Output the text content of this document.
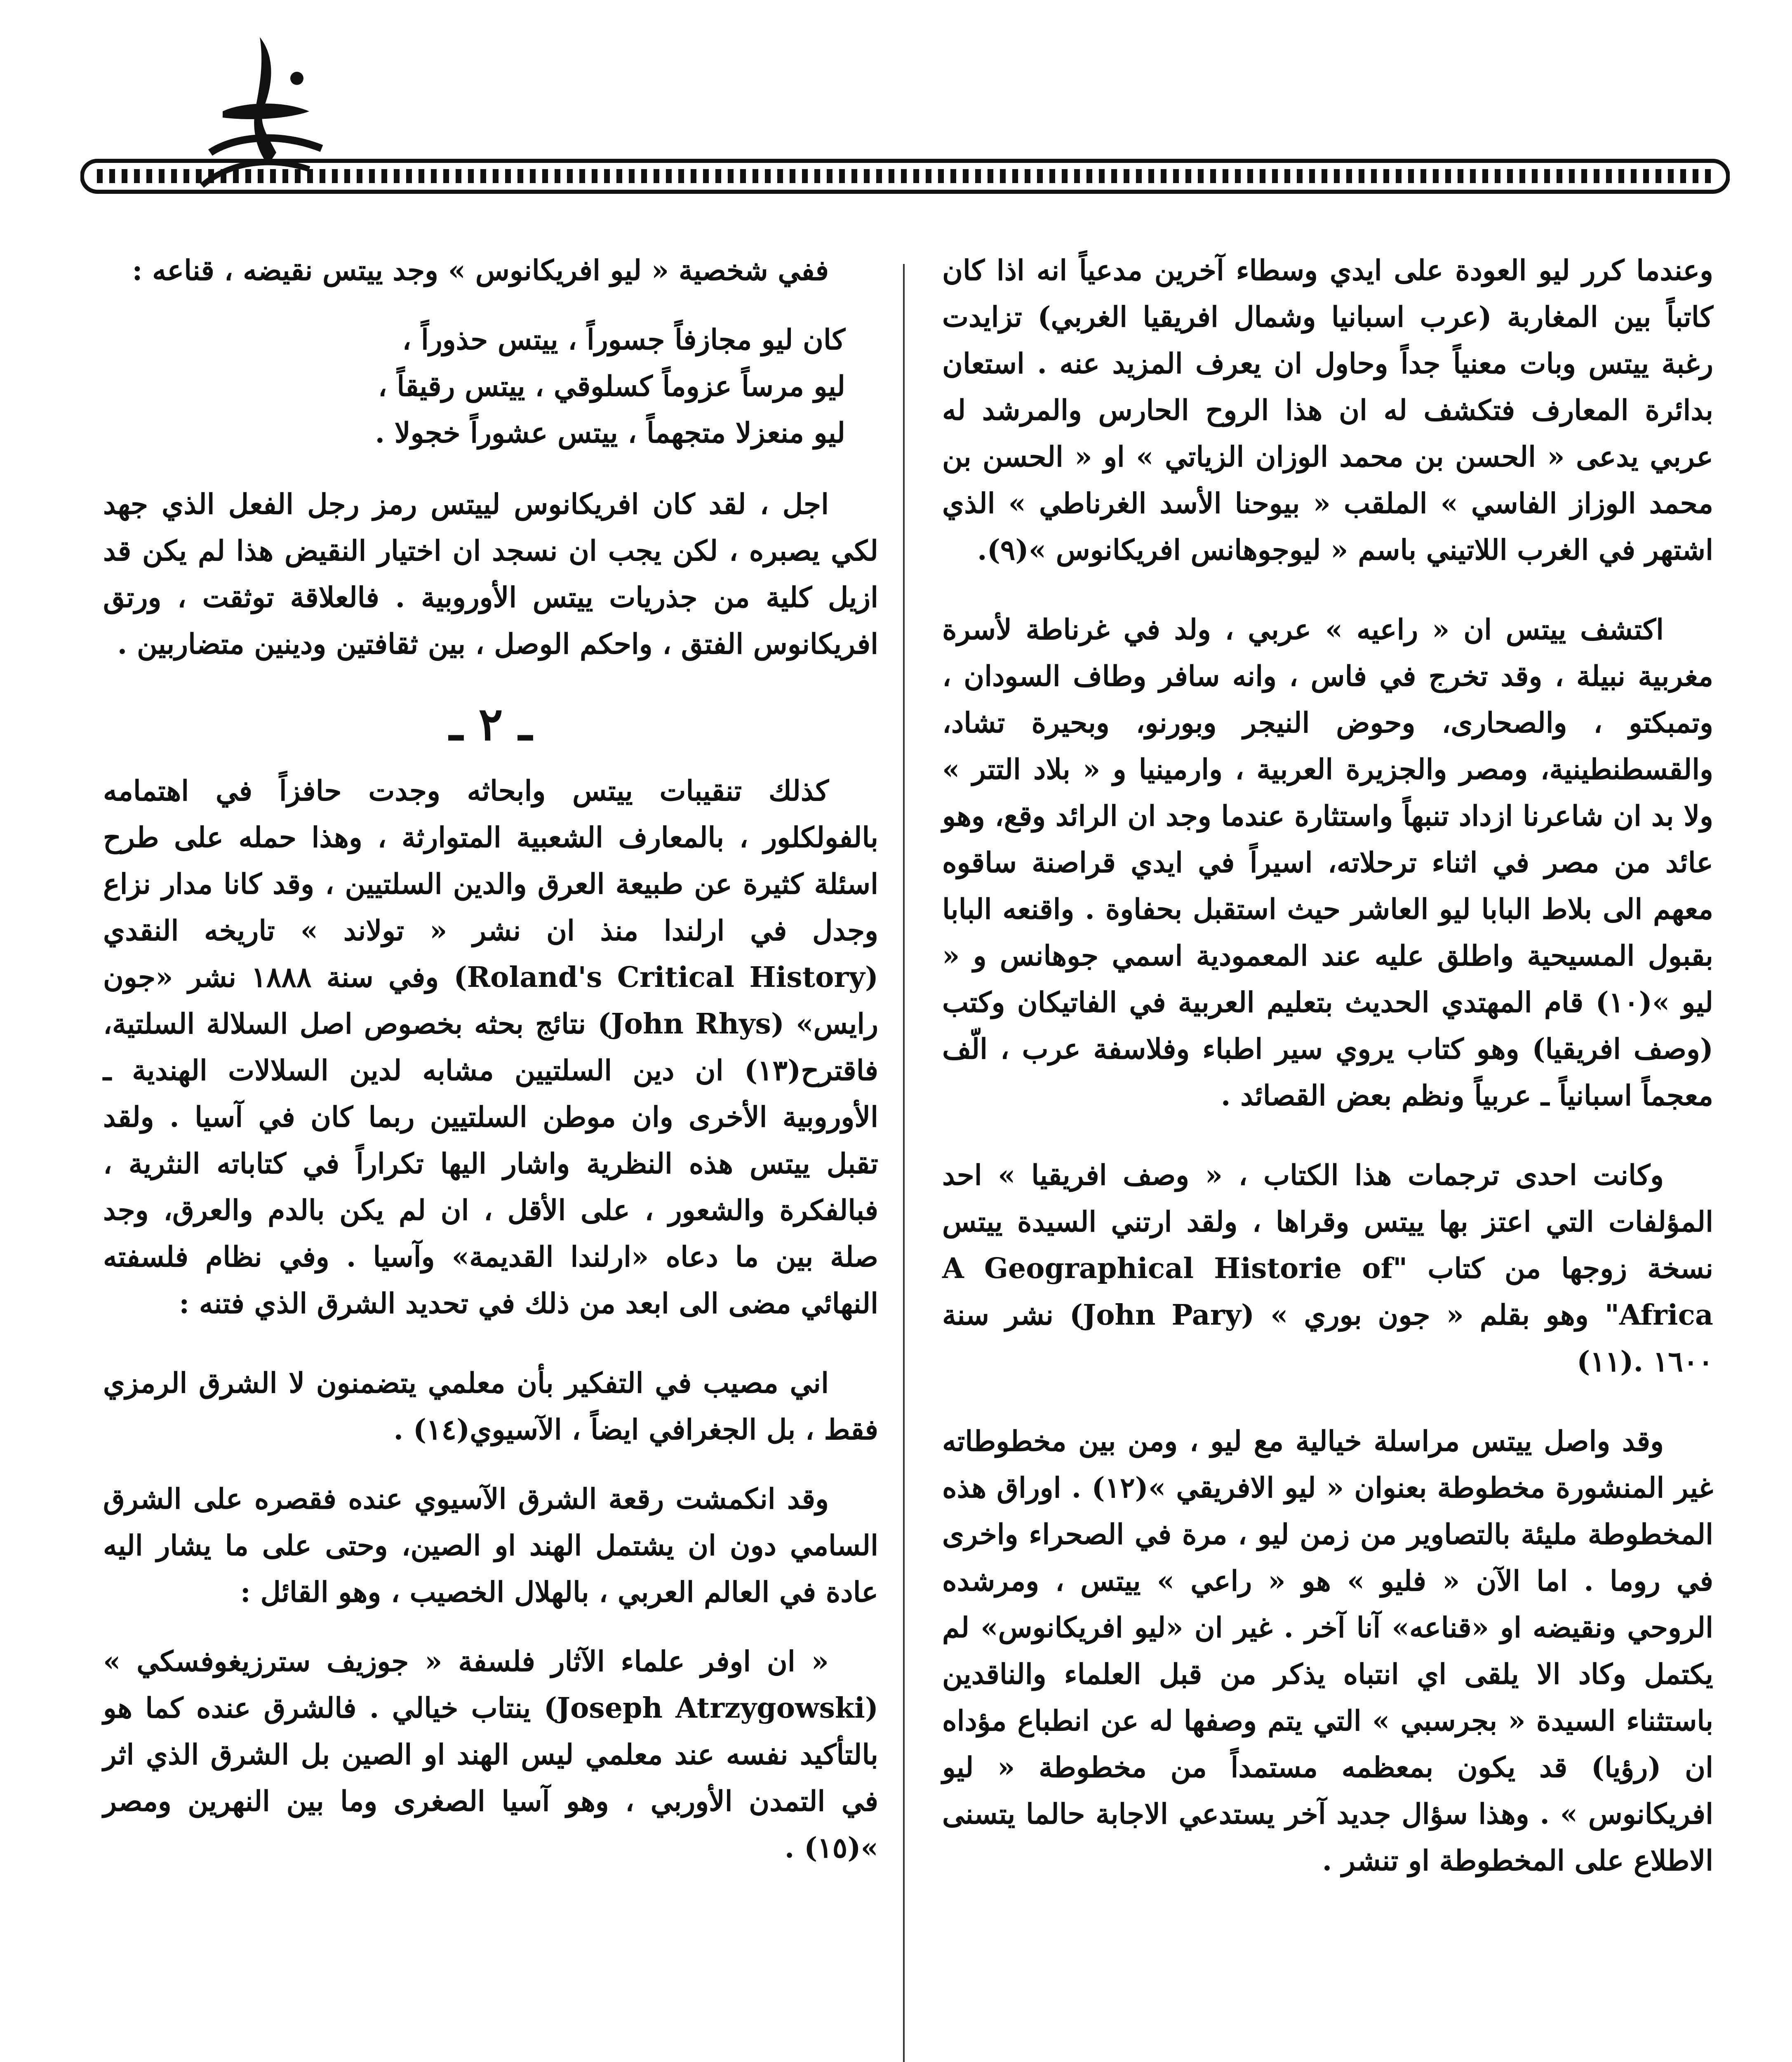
وعندما كرر ليو العودة على ايدي وسطاء آخرين مدعياً انه اذا كان كاتباً بين المغاربة (عرب اسبانيا وشمال افريقيا الغربي) تزايدت رغبة ييتس وبات معنياً جداً وحاول ان يعرف المزيد عنه . استعان بدائرة المعارف فتكشف له ان هذا الروح الحارس والمرشد له عربي يدعى « الحسن بن محمد الوزان الزياتي » او « الحسن بن محمد الوزاز الفاسي » الملقب « بيوحنا الأسد الغرناطي » الذي اشتهر في الغرب اللاتيني باسم « ليوجوهانس افريكانوس »(٩).

اكتشف ييتس ان « راعيه » عربي ، ولد في غرناطة لأسرة مغربية نبيلة ، وقد تخرج في فاس ، وانه سافر وطاف السودان ، وتمبكتو ، والصحارى، وحوض النيجر وبورنو، وبحيرة تشاد، والقسطنطينية، ومصر والجزيرة العربية ، وارمينيا و « بلاد التتر » ولا بد ان شاعرنا ازداد تنبهاً واستثارة عندما وجد ان الرائد وقع، وهو عائد من مصر في اثناء ترحلاته، اسيراً في ايدي قراصنة ساقوه معهم الى بلاط البابا ليو العاشر حيث استقبل بحفاوة . واقنعه البابا بقبول المسيحية واطلق عليه عند المعمودية اسمي جوهانس و « ليو »(١٠) قام المهتدي الحديث بتعليم العربية في الفاتيكان وكتب (وصف افريقيا) وهو كتاب يروي سير اطباء وفلاسفة عرب ، الّف معجماً اسبانياً ـ عربياً ونظم بعض القصائد .

وكانت احدى ترجمات هذا الكتاب ، « وصف افريقيا » احد المؤلفات التي اعتز بها ييتس وقراها ، ولقد ارتني السيدة ييتس نسخة زوجها من كتاب "A Geographical Historie of Africa" وهو بقلم « جون بوري » (John Pary) نشر سنة ١٦٠٠ .(١١)

وقد واصل ييتس مراسلة خيالية مع ليو ، ومن بين مخطوطاته غير المنشورة مخطوطة بعنوان « ليو الافريقي »(١٢) . اوراق هذه المخطوطة مليئة بالتصاوير من زمن ليو ، مرة في الصحراء واخرى في روما . اما الآن « فليو » هو « راعي » ييتس ، ومرشده الروحي ونقيضه او «قناعه» آنا آخر . غير ان «ليو افريكانوس» لم يكتمل وكاد الا يلقى اي انتباه يذكر من قبل العلماء والناقدين باستثناء السيدة « بجرسبي » التي يتم وصفها له عن انطباع مؤداه ان (رؤيا) قد يكون بمعظمه مستمداً من مخطوطة « ليو افريكانوس » . وهذا سؤال جديد آخر يستدعي الاجابة حالما يتسنى الاطلاع على المخطوطة او تنشر .

ففي شخصية « ليو افريكانوس » وجد ييتس نقيضه ، قناعه :

كان ليو مجازفاً جسوراً ، ييتس حذوراً ،
ليو مرساً عزوماً كسلوقي ، ييتس رقيقاً ،
ليو منعزلا متجهماً ، ييتس عشوراً خجولا .

اجل ، لقد كان افريكانوس لييتس رمز رجل الفعل الذي جهد لكي يصبره ، لكن يجب ان نسجد ان اختيار النقيض هذا لم يكن قد ازيل كلية من جذريات ييتس الأوروبية . فالعلاقة توثقت ، ورتق افريكانوس الفتق ، واحكم الوصل ، بين ثقافتين ودينين متضاربين .

ـ ٢ ـ

كذلك تنقيبات ييتس وابحاثه وجدت حافزاً في اهتمامه بالفولكلور ، بالمعارف الشعبية المتوارثة ، وهذا حمله على طرح اسئلة كثيرة عن طبيعة العرق والدين السلتيين ، وقد كانا مدار نزاع وجدل في ارلندا منذ ان نشر « تولاند » تاريخه النقدي (Roland's Critical History) وفي سنة ١٨٨٨ نشر «جون رايس» (John Rhys) نتائج بحثه بخصوص اصل السلالة السلتية، فاقترح(١٣) ان دين السلتيين مشابه لدين السلالات الهندية ـ الأوروبية الأخرى وان موطن السلتيين ربما كان في آسيا . ولقد تقبل ييتس هذه النظرية واشار اليها تكراراً في كتاباته النثرية ، فبالفكرة والشعور ، على الأقل ، ان لم يكن بالدم والعرق، وجد صلة بين ما دعاه «ارلندا القديمة» وآسيا . وفي نظام فلسفته النهائي مضى الى ابعد من ذلك في تحديد الشرق الذي فتنه :

اني مصيب في التفكير بأن معلمي يتضمنون لا الشرق الرمزي فقط ، بل الجغرافي ايضاً ، الآسيوي(١٤) .

وقد انكمشت رقعة الشرق الآسيوي عنده فقصره على الشرق السامي دون ان يشتمل الهند او الصين، وحتى على ما يشار اليه عادة في العالم العربي ، بالهلال الخصيب ، وهو القائل :

« ان اوفر علماء الآثار فلسفة « جوزيف سترزيغوفسكي » (Joseph Atrzygowski) ينتاب خيالي . فالشرق عنده كما هو بالتأكيد نفسه عند معلمي ليس الهند او الصين بل الشرق الذي اثر في التمدن الأوربي ، وهو آسيا الصغرى وما بين النهرين ومصر »(١٥) .
